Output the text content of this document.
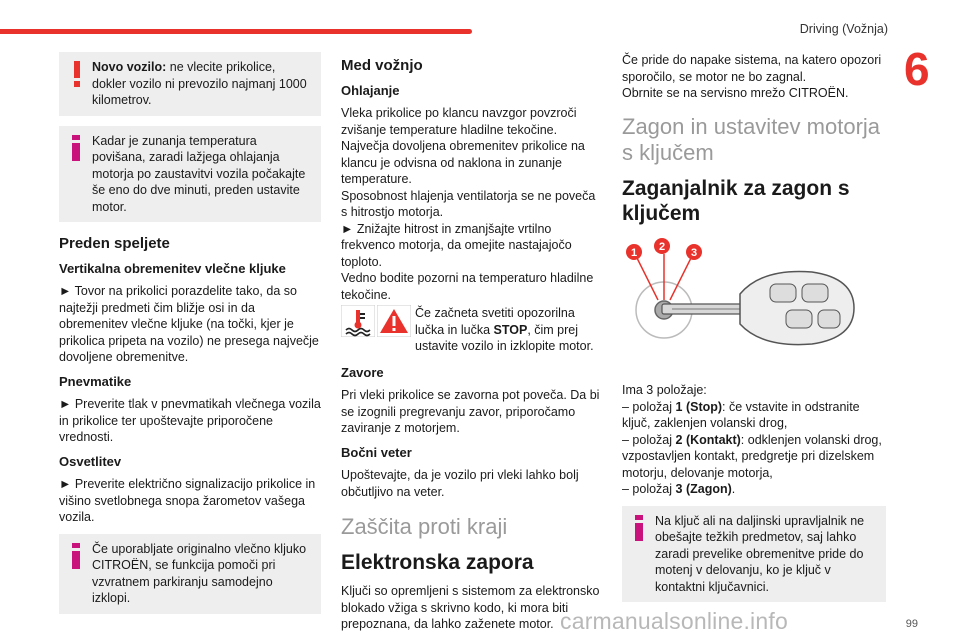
Driving (Vožnja)
6
Novo vozilo: ne vlecite prikolice, dokler vozilo ni prevozilo najmanj 1000 kilometrov.
Kadar je zunanja temperatura povišana, zaradi lažjega ohlajanja motorja po zaustavitvi vozila počakajte še eno do dve minuti, preden ustavite motor.
Preden speljete
Vertikalna obremenitev vlečne kljuke

► Tovor na prikolici porazdelite tako, da so najtežji predmeti čim bližje osi in da obremenitev vlečne kljuke (na točki, kjer je prikolica pripeta na vozilo) ne presega največje dovoljene obremenitve.

Pnevmatike

► Preverite tlak v pnevmatikah vlečnega vozila in prikolice ter upoštevajte priporočene vrednosti.

Osvetlitev

► Preverite električno signalizacijo prikolice in višino svetlobnega snopa žarometov vašega vozila.

Če uporabljate originalno vlečno kljuko CITROËN, se funkcija pomoči pri vzvratnem parkiranju samodejno izklopi.
Med vožnjo
Ohlajanje

Vleka prikolice po klancu navzgor povzroči zvišanje temperature hladilne tekočine. Največja dovoljena obremenitev prikolice na klancu je odvisna od naklona in zunanje temperature.

Sposobnost hlajenja ventilatorja se ne poveča s hitrostjo motorja.

► Znižajte hitrost in zmanjšajte vrtilno frekvenco motorja, da omejite nastajajočo toploto.

Vedno bodite pozorni na temperaturo hladilne tekočine.

Če začneta svetiti opozorilna lučka in lučka STOP, čim prej ustavite vozilo in izklopite motor.

Zavore

Pri vleki prikolice se zavorna pot poveča. Da bi se izognili pregrevanju zavor, priporočamo zaviranje z motorjem.

Bočni veter

Upoštevajte, da je vozilo pri vleki lahko bolj občutljivo na veter.

Zaščita proti kraji
Elektronska zapora

Ključi so opremljeni s sistemom za elektronsko blokado vžiga s skrivno kodo, ki mora biti prepoznana, da lahko zaženete motor.

Če pride do napake sistema, na katero opozori sporočilo, se motor ne bo zagnal.

Obrnite se na servisno mrežo CITROËN.

Zagon in ustavitev motorja s ključem
Zaganjalnik za zagon s ključem
1 2 3

Ima 3 položaje:

– položaj 1 (Stop): če vstavite in odstranite ključ, zaklenjen volanski drog,

– položaj 2 (Kontakt): odklenjen volanski drog, vzpostavljen kontakt, predgretje pri dizelskem motorju, delovanje motorja,

– položaj 3 (Zagon).

Na ključ ali na daljinski upravljalnik ne obešajte težkih predmetov, saj lahko zaradi prevelike obremenitve pride do motenj v delovanju, ko je ključ v kontaktni ključavnici.
99
carmanualsonline.info
